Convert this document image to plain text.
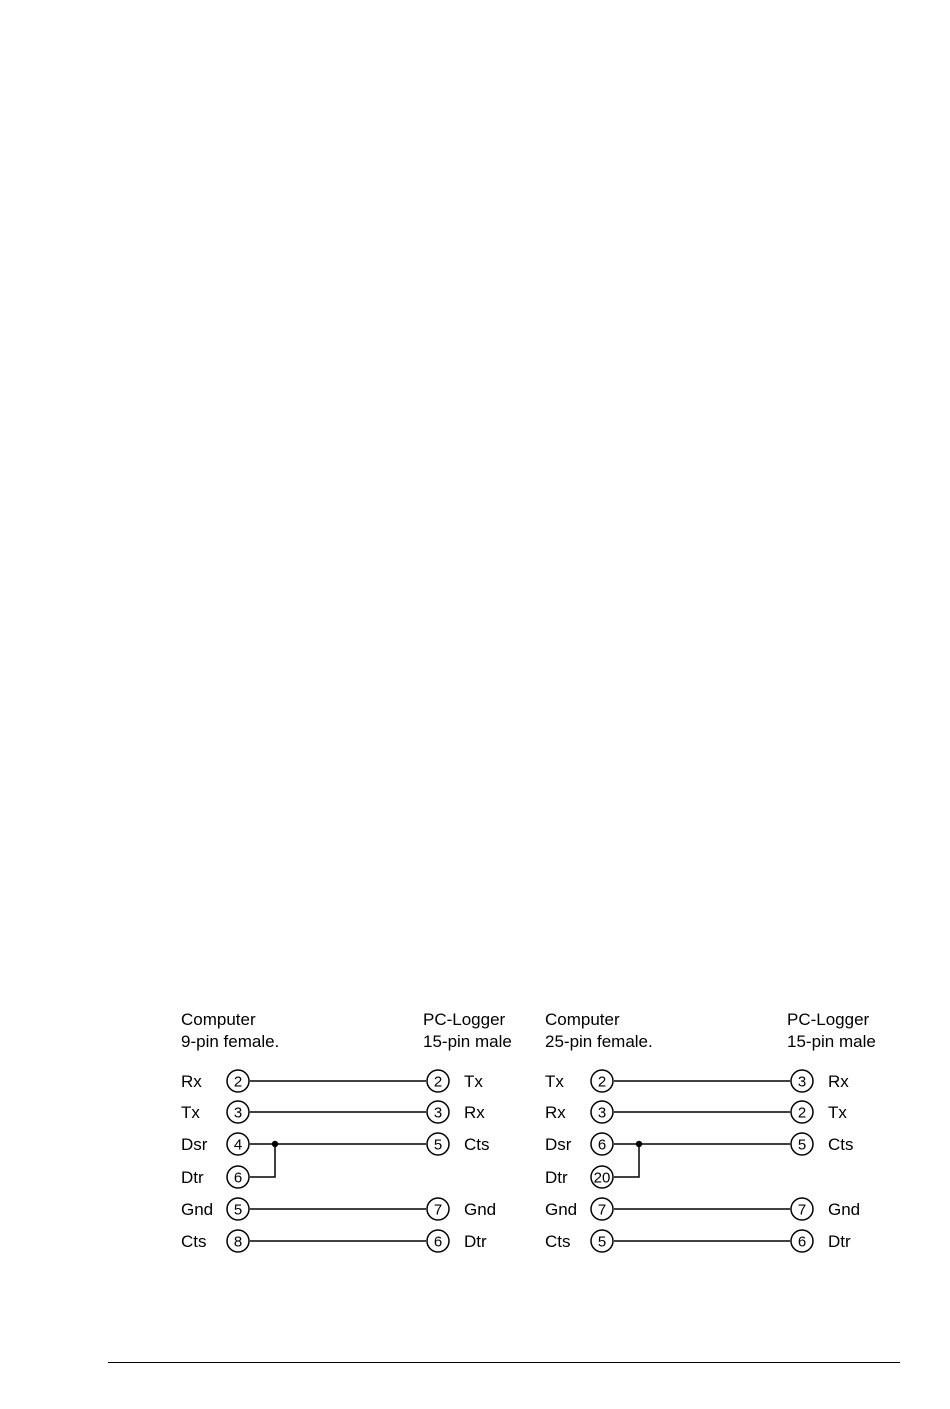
Computer
9-pin female.
PC-Logger
15-pin male
Rx 2	2 Tx
Tx 3	3 Rx
Dsr 4	5 Cts
Dtr 6
Gnd 5	7 Gnd
Cts 8	6 Dtr
Computer
25-pin female.
PC-Logger
15-pin male
Tx 2	3 Rx
Rx 3	2 Tx
Dsr 6	5 Cts
Dtr 20
Gnd 7	7 Gnd
Cts 5	6 Dtr
